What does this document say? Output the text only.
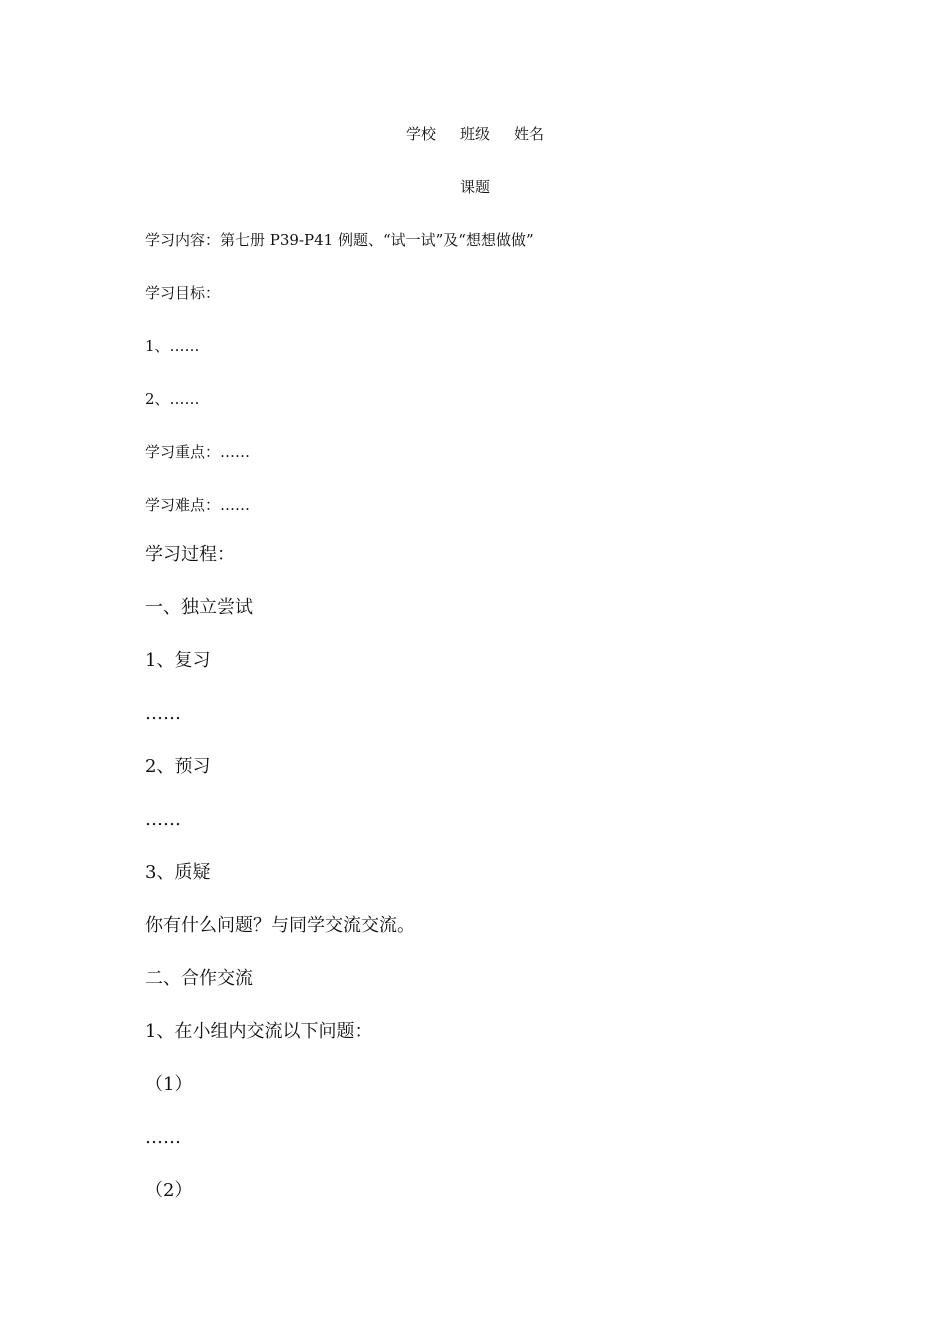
学校 班级 姓名
课题
学习内容：第七册 P39-P41 例题、“试一试”及“想想做做”
学习目标：
1、……
2、……
学习重点：……
学习难点：……
学习过程：
一、独立尝试
1、复习
……
2、预习
……
3、质疑
你有什么问题？与同学交流交流。
二、合作交流
1、在小组内交流以下问题：
（1）
……
（2）
